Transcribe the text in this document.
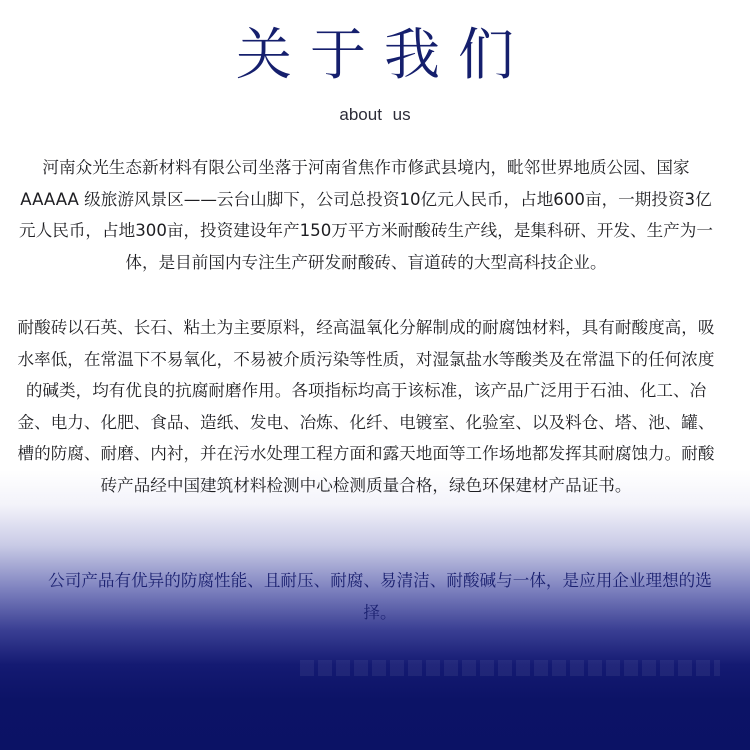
关于我们
about us

河南众光生态新材料有限公司坐落于河南省焦作市修武县境内，毗邻世界地质公园、国家AAAAA 级旅游风景区——云台山脚下，公司总投资10亿元人民币，占地600亩，一期投资3亿元人民币，占地300亩，投资建设年产150万平方米耐酸砖生产线，是集科研、开发、生产为一体，是目前国内专注生产研发耐酸砖、盲道砖的大型高科技企业。

耐酸砖以石英、长石、粘土为主要原料，经高温氧化分解制成的耐腐蚀材料，具有耐酸度高，吸水率低，在常温下不易氧化，不易被介质污染等性质，对湿氯盐水等酸类及在常温下的任何浓度的碱类，均有优良的抗腐耐磨作用。各项指标均高于该标准，该产品广泛用于石油、化工、冶金、电力、化肥、食品、造纸、发电、冶炼、化纤、电镀室、化验室、以及料仓、塔、池、罐、槽的防腐、耐磨、内衬，并在污水处理工程方面和露天地面等工作场地都发挥其耐腐蚀力。耐酸砖产品经中国建筑材料检测中心检测质量合格，绿色环保建材产品证书。

公司产品有优异的防腐性能、且耐压、耐腐、易清洁、耐酸碱与一体，是应用企业理想的选择。
